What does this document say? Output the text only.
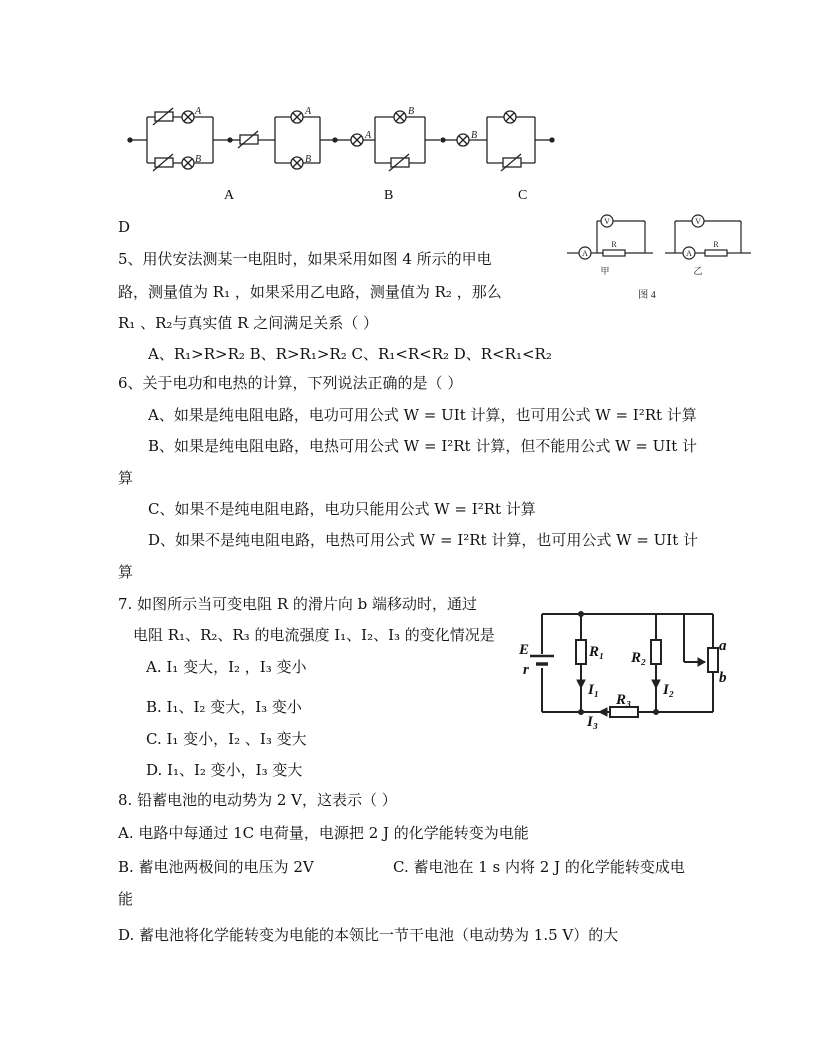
A
B
A
B
A
B
B
A	B	C
D
A
V
R
V
A
R
甲	乙
图 4
5、用伏安法测某一电阻时，如果采用如图 4 所示的甲电
路，测量值为 R₁ ，如果采用乙电路，测量值为 R₂ ，那么
R₁ 、R₂与真实值 R 之间满足关系（ ）
A、R₁>R>R₂ B、R>R₁>R₂ C、R₁<R<R₂ D、R<R₁<R₂
6、关于电功和电热的计算，下列说法正确的是（ ）
A、如果是纯电阻电路，电功可用公式 W = UIt 计算，也可用公式 W = I²Rt 计算
B、如果是纯电阻电路，电热可用公式 W = I²Rt 计算，但不能用公式 W = UIt 计
算
C、如果不是纯电阻电路，电功只能用公式 W = I²Rt 计算
D、如果不是纯电阻电路，电热可用公式 W = I²Rt 计算，也可用公式 W = UIt 计
算
7. 如图所示当可变电阻 R 的滑片向 b 端移动时，通过
电阻 R₁、R₂、R₃ 的电流强度 I₁、I₂、I₃ 的变化情况是
A. I₁ 变大，I₂ ，I₃ 变小
B. I₁、I₂ 变大，I₃ 变小
C. I₁ 变小，I₂ 、I₃ 变大
D. I₁、I₂ 变小，I₃ 变大
E
r
R₁ R₂
R₃
I₁	I₂
I₃
a
b
8. 铅蓄电池的电动势为 2 V，这表示（ ）
A. 电路中每通过 1C 电荷量，电源把 2 J 的化学能转变为电能
B. 蓄电池两极间的电压为 2V	C. 蓄电池在 1 s 内将 2 J 的化学能转变成电
能
D. 蓄电池将化学能转变为电能的本领比一节干电池（电动势为 1.5 V）的大
